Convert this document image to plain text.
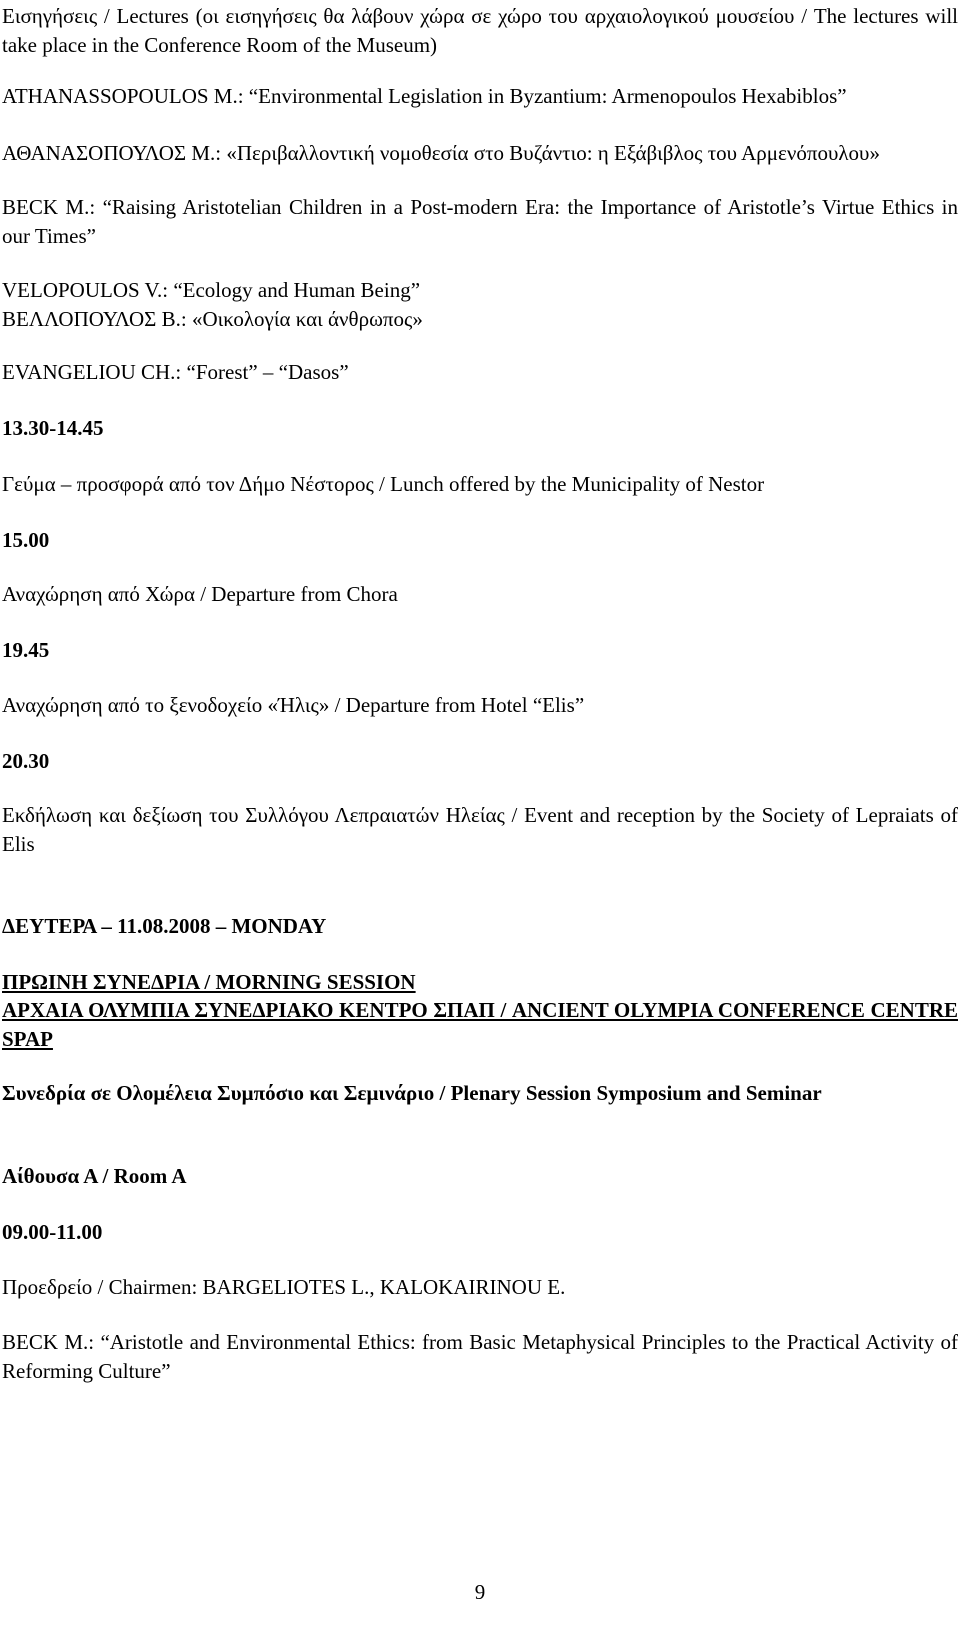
Εισηγήσεις / Lectures (οι εισηγήσεις θα λάβουν χώρα σε χώρο του αρχαιολογικού μουσείου / The lectures will take place in the Conference Room of the Museum)

ATHANASSOPOULOS M.: “Environmental Legislation in Byzantium: Armenopoulos Hexabiblos”

ΑΘΑΝΑΣΟΠΟΥΛΟΣ Μ.: «Περιβαλλοντική νομοθεσία στο Βυζάντιο: η Εξάβιβλος του Αρμενόπουλου»

BECK M.: “Raising Aristotelian Children in a Post-modern Era: the Importance of Aristotle’s Virtue Ethics in our Times”

VELOPOULOS V.: “Ecology and Human Being”

ΒΕΛΛΟΠΟΥΛΟΣ Β.: «Οικολογία και άνθρωπος»

EVANGELIOU CH.: “Forest” – “Dasos”

13.30-14.45

Γεύμα – προσφορά από τον Δήμο Νέστορος / Lunch offered by the Municipality of Nestor

15.00

Αναχώρηση από Χώρα / Departure from Chora

19.45

Αναχώρηση από το ξενοδοχείο «Ήλις» / Departure from Hotel “Elis”

20.30

Εκδήλωση και δεξίωση του Συλλόγου Λεπραιατών Ηλείας / Event and reception by the Society of Lepraiats of Elis

ΔΕΥΤΕΡΑ – 11.08.2008 – MONDAY

ΠΡΩΙΝΗ ΣΥΝΕΔΡΙΑ / MORNING SESSION

ΑΡΧΑΙΑ ΟΛΥΜΠΙΑ ΣΥΝΕΔΡΙΑΚΟ ΚΕΝΤΡΟ ΣΠΑΠ / ANCIENT OLYMPIA CONFERENCE CENTRE SPAP

Συνεδρία σε Ολομέλεια Συμπόσιο και Σεμινάριο / Plenary Session Symposium and Seminar

Αίθουσα Α / Room A

09.00-11.00

Προεδρείο / Chairmen: BARGELIOTES L., KALOKAIRINOU E.

BECK M.: “Aristotle and Environmental Ethics: from Basic Metaphysical Principles to the Practical Activity of Reforming Culture”

9
